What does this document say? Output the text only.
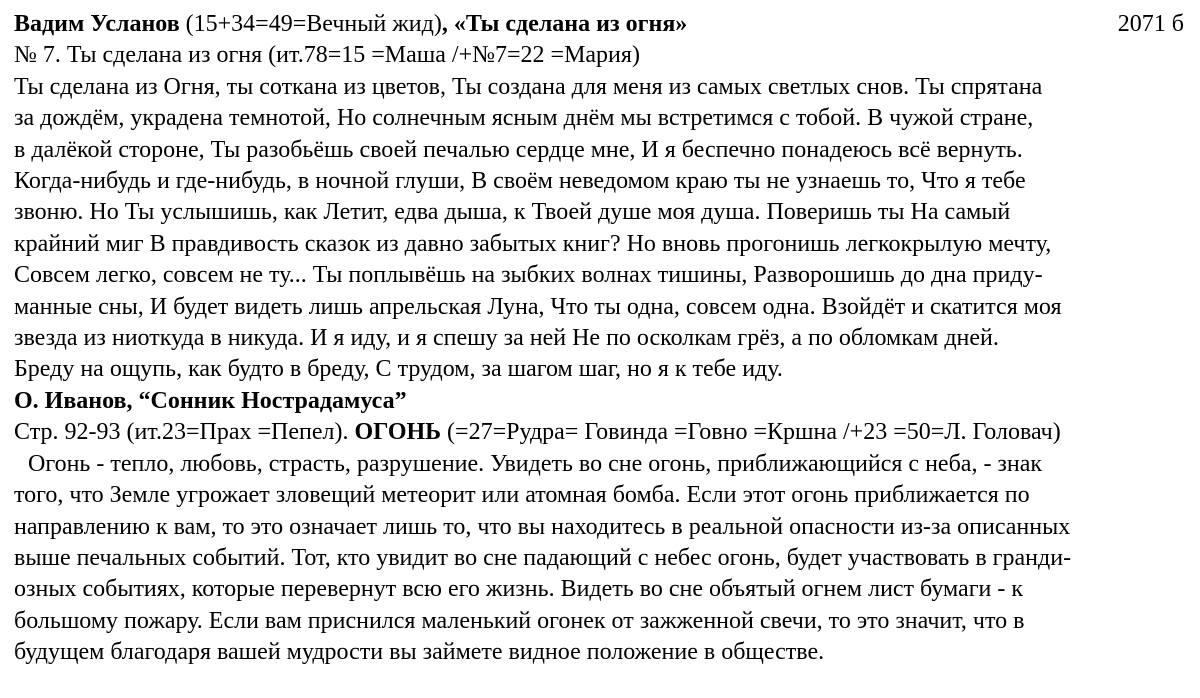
Вадим Усланов (15+34=49=Вечный жид), «Ты сделана из огня»	2071 б
№ 7. Ты сделана из огня (ит.78=15 =Маша /+№7=22 =Мария)
Ты сделана из Огня, ты соткана из цветов, Ты создана для меня из самых светлых снов. Ты спрятана
за дождём, украдена темнотой, Но солнечным ясным днём мы встретимся с тобой. В чужой стране,
в далёкой стороне, Ты разобьёшь своей печалью сердце мне, И я беспечно понадеюсь всё вернуть.
Когда-нибудь и где-нибудь, в ночной глуши, В своём неведомом краю ты не узнаешь то, Что я тебе
звоню. Но Ты услышишь, как Летит, едва дыша, к Твоей душе моя душа. Поверишь ты На самый
крайний миг В правдивость сказок из давно забытых книг? Но вновь прогонишь легкокрылую мечту,
Совсем легко, совсем не ту... Ты поплывёшь на зыбких волнах тишины, Разворошишь до дна приду-
манные сны, И будет видеть лишь апрельская Луна, Что ты одна, совсем одна. Взойдёт и скатится моя
звезда из ниоткуда в никуда. И я иду, и я спешу за ней Не по осколкам грёз, а по обломкам дней.
Бреду на ощупь, как будто в бреду, С трудом, за шагом шаг, но я к тебе иду.
О. Иванов, “Сонник Нострадамуса”
Стр. 92-93 (ит.23=Прах =Пепел). ОГОНЬ (=27=Рудра= Говинда =Говно =Кршна /+23 =50=Л. Головач)
Огонь - тепло, любовь, страсть, разрушение. Увидеть во сне огонь, приближающийся с неба, - знак
того, что Земле угрожает зловещий метеорит или атомная бомба. Если этот огонь приближается по
направлению к вам, то это означает лишь то, что вы находитесь в реальной опасности из-за описанных
выше печальных событий. Тот, кто увидит во сне падающий с небес огонь, будет участвовать в гранди-
озных событиях, которые перевернут всю его жизнь. Видеть во сне объятый огнем лист бумаги - к
большому пожару. Если вам приснился маленький огонек от зажженной свечи, то это значит, что в
будущем благодаря вашей мудрости вы займете видное положение в обществе.
